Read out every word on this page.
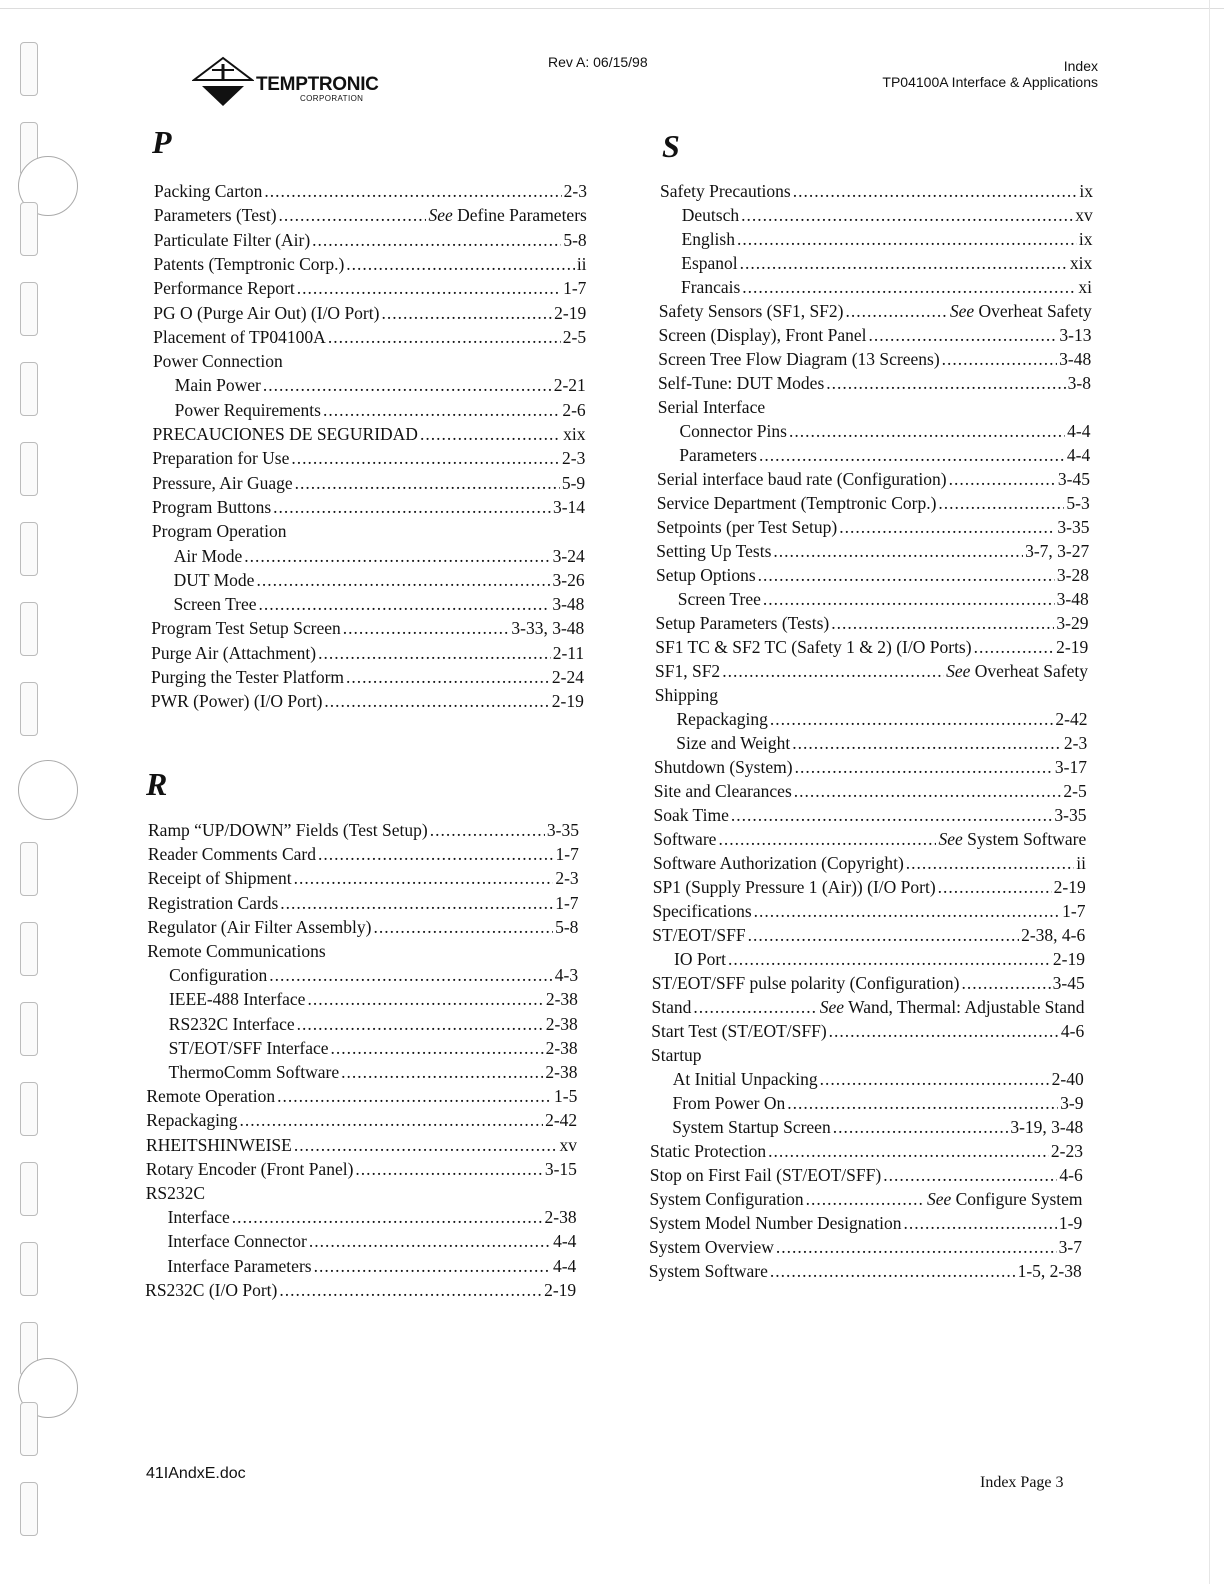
TEMPTRONIC
CORPORATION
Rev A: 06/15/98	Index
TP04100A Interface & Applications
P
R
S
Packing Carton .....	2-3
Parameters (Test) .....	See Define Parameters
Particulate Filter (Air) .....	5-8
Patents (Temptronic Corp.) .....	ii
Performance Report .....	1-7
PG O (Purge Air Out) (I/O Port) .....	2-19
Placement of TP04100A .....	2-5
Power Connection
Main Power .....	2-21
Power Requirements .....	2-6
PRECAUCIONES DE SEGURIDAD .....	xix
Preparation for Use .....	2-3
Pressure, Air Guage .....	5-9
Program Buttons .....	3-14
Program Operation
Air Mode .....	3-24
DUT Mode .....	3-26
Screen Tree .....	3-48
Program Test Setup Screen .....	3-33, 3-48
Purge Air (Attachment) .....	2-11
Purging the Tester Platform .....	2-24
PWR (Power) (I/O Port) .....	2-19
Ramp “UP/DOWN” Fields (Test Setup) .....	3-35
Reader Comments Card .....	1-7
Receipt of Shipment .....	2-3
Registration Cards .....	1-7
Regulator (Air Filter Assembly) .....	5-8
Remote Communications
Configuration .....	4-3
IEEE-488 Interface .....	2-38
RS232C Interface .....	2-38
ST/EOT/SFF Interface .....	2-38
ThermoComm Software .....	2-38
Remote Operation .....	1-5
Repackaging .....	2-42
RHEITSHINWEISE .....	xv
Rotary Encoder (Front Panel) .....	3-15
RS232C
Interface .....	2-38
Interface Connector .....	4-4
Interface Parameters .....	4-4
RS232C (I/O Port) .....	2-19
Safety Precautions .....	ix
Deutsch .....	xv
English .....	ix
Espanol .....	xix
Francais .....	xi
Safety Sensors (SF1, SF2) .....	See Overheat Safety
Screen (Display), Front Panel .....	3-13
Screen Tree Flow Diagram (13 Screens) .....	3-48
Self-Tune: DUT Modes .....	3-8
Serial Interface
Connector Pins .....	4-4
Parameters .....	4-4
Serial interface baud rate (Configuration) .....	3-45
Service Department (Temptronic Corp.) .....	5-3
Setpoints (per Test Setup) .....	3-35
Setting Up Tests .....	3-7, 3-27
Setup Options .....	3-28
Screen Tree .....	3-48
Setup Parameters (Tests) .....	3-29
SF1 TC & SF2 TC (Safety 1 & 2) (I/O Ports) .....	2-19
SF1, SF2 .....	See Overheat Safety
Shipping
Repackaging .....	2-42
Size and Weight .....	2-3
Shutdown (System) .....	3-17
Site and Clearances .....	2-5
Soak Time .....	3-35
Software .....	See System Software
Software Authorization (Copyright) .....	ii
SP1 (Supply Pressure 1 (Air)) (I/O Port) .....	2-19
Specifications .....	1-7
ST/EOT/SFF .....	2-38, 4-6
IO Port .....	2-19
ST/EOT/SFF pulse polarity (Configuration) .....	3-45
Stand .....	See Wand, Thermal: Adjustable Stand
Start Test (ST/EOT/SFF) .....	4-6
Startup
At Initial Unpacking .....	2-40
From Power On .....	3-9
System Startup Screen .....	3-19, 3-48
Static Protection .....	2-23
Stop on First Fail (ST/EOT/SFF) .....	4-6
System Configuration .....	See Configure System
System Model Number Designation .....	1-9
System Overview .....	3-7
System Software .....	1-5, 2-38
41IAndxE.doc
Index Page 3
